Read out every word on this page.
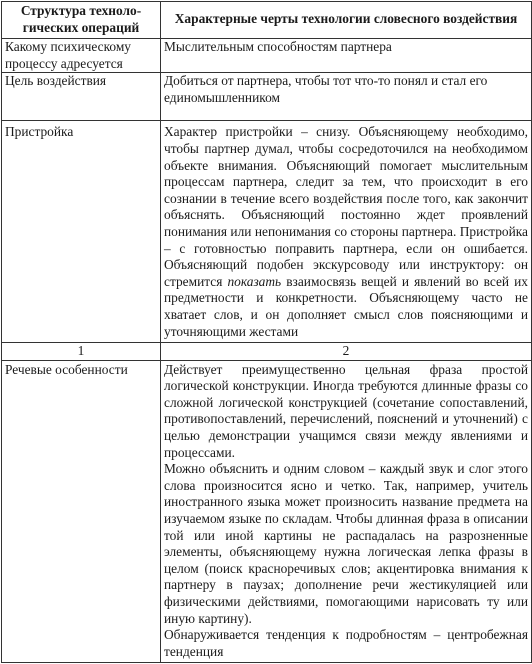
Структура техноло-гических операций	Характерные черты технологии словесного воздействия
Какому психическому процессу адресуется	Мыслительным способностям партнера
Цель воздействия	Добиться от партнера, чтобы тот что-то понял и стал его единомышленником
Пристройка	Характер пристройки – снизу. Объясняющему необходимо, чтобы партнер думал, чтобы сосредоточился на необходимом объекте внимания. Объясняющий помогает мыслительным процессам партнера, следит за тем, что происходит в его сознании в течение всего воздействия после того, как закончит объяснять. Объясняющий постоянно ждет проявлений понимания или непонимания со стороны партнера. Пристройка – с готовностью поправить партнера, если он ошибается. Объясняющий подобен экскурсоводу или инструктору: он стремится показать взаимосвязь вещей и явлений во всей их предметности и конкретности. Объясняющему часто не хватает слов, и он дополняет смысл слов поясняющими и уточняющими жестами
1	2
Речевые особенности	Действует преимущественно цельная фраза простой логической конструкции. Иногда требуются длинные фразы со сложной логической конструкцией (сочетание сопоставлений, противопоставлений, перечислений, пояснений и уточнений) с целью демонстрации учащимся связи между явлениями и процессами.
Можно объяснить и одним словом – каждый звук и слог этого слова произносится ясно и четко. Так, например, учитель иностранного языка может произносить название предмета на изучаемом языке по складам. Чтобы длинная фраза в описании той или иной картины не распадалась на разрозненные элементы, объясняющему нужна логическая лепка фразы в целом (поиск красноречивых слов; акцентировка внимания к партнеру в паузах; дополнение речи жестикуляцией или физическими действиями, помогающими нарисовать ту или иную картину).
Обнаруживается тенденция к подробностям – центробежная тенденция
